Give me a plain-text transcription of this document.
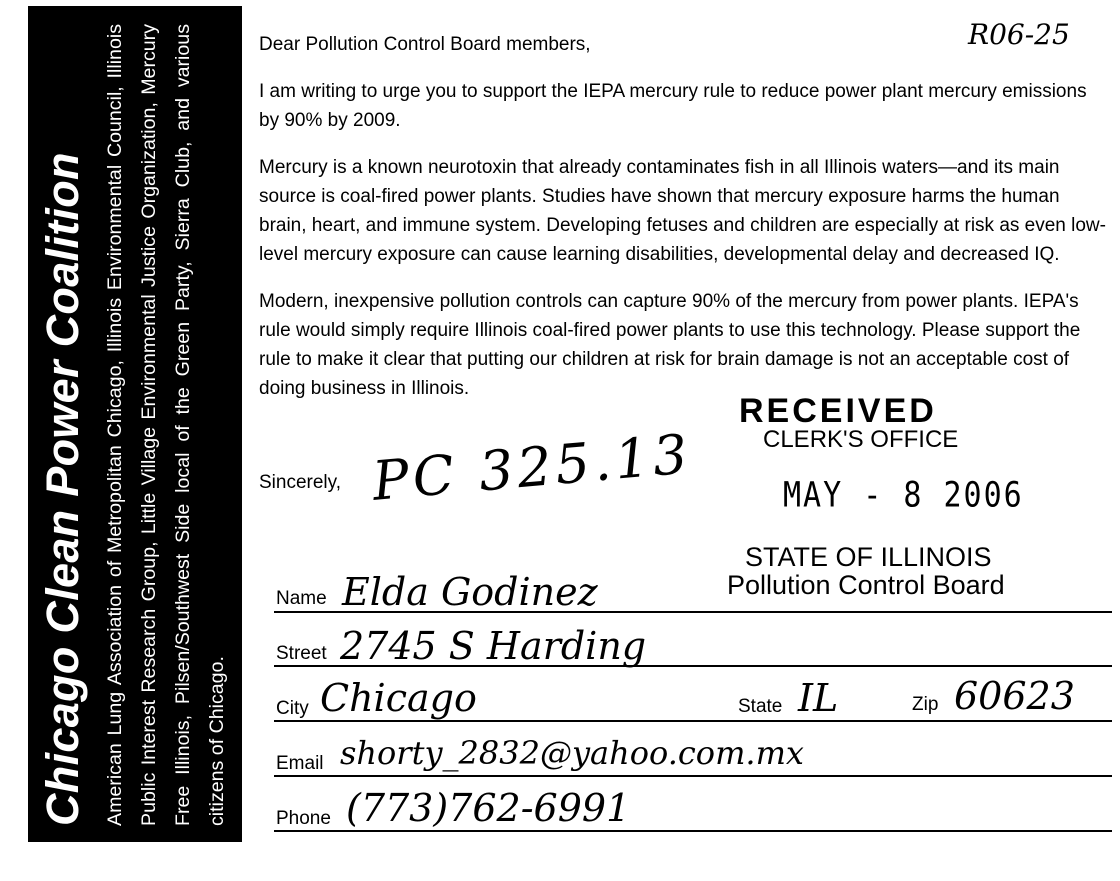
Chicago Clean Power Coalition American Lung Association of Metropolitan Chicago, Illinois Environmental Council, Illinois Public Interest Research Group, Little Village Environmental Justice Organization, Mercury Free Illinois, Pilsen/Southwest Side local of the Green Party, Sierra Club, and various citizens of Chicago.
R06-25

Dear Pollution Control Board members,

I am writing to urge you to support the IEPA mercury rule to reduce power plant mercury emissions by 90% by 2009.

Mercury is a known neurotoxin that already contaminates fish in all Illinois waters—and its main source is coal-fired power plants. Studies have shown that mercury exposure harms the human brain, heart, and immune system. Developing fetuses and children are especially at risk as even low-level mercury exposure can cause learning disabilities, developmental delay and decreased IQ.

Modern, inexpensive pollution controls can capture 90% of the mercury from power plants. IEPA's rule would simply require Illinois coal-fired power plants to use this technology. Please support the rule to make it clear that putting our children at risk for brain damage is not an acceptable cost of doing business in Illinois.

Sincerely, PC 325.13
RECEIVED
CLERK'S OFFICE
MAY - 8 2006
STATE OF ILLINOIS
Pollution Control Board
Name Elda Godinez
Street 2745 S Harding
City Chicago	State IL	Zip 60623
Email shorty_2832@yahoo.com.mx
Phone (773)762-6991
